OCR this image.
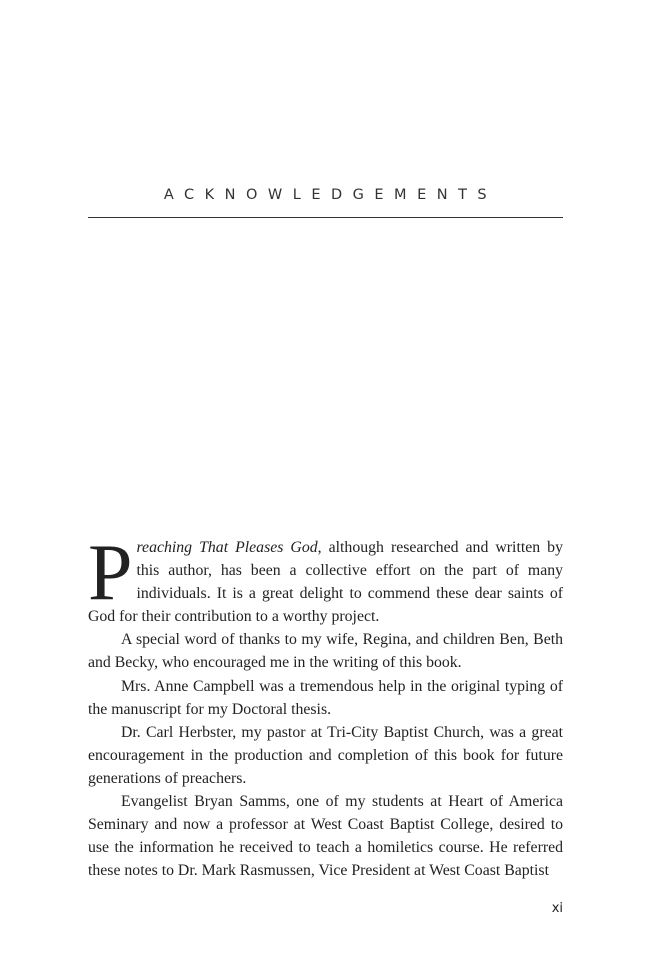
ACKNOWLEDGEMENTS

Preaching That Pleases God, although researched and written by this author, has been a collective effort on the part of many individuals. It is a great delight to commend these dear saints of God for their contribution to a worthy project.

A special word of thanks to my wife, Regina, and children Ben, Beth and Becky, who encouraged me in the writing of this book.

Mrs. Anne Campbell was a tremendous help in the original typing of the manuscript for my Doctoral thesis.

Dr. Carl Herbster, my pastor at Tri-City Baptist Church, was a great encouragement in the production and completion of this book for future generations of preachers.

Evangelist Bryan Samms, one of my students at Heart of America Seminary and now a professor at West Coast Baptist College, desired to use the information he received to teach a homiletics course. He referred these notes to Dr. Mark Rasmussen, Vice President at West Coast Baptist

xi
